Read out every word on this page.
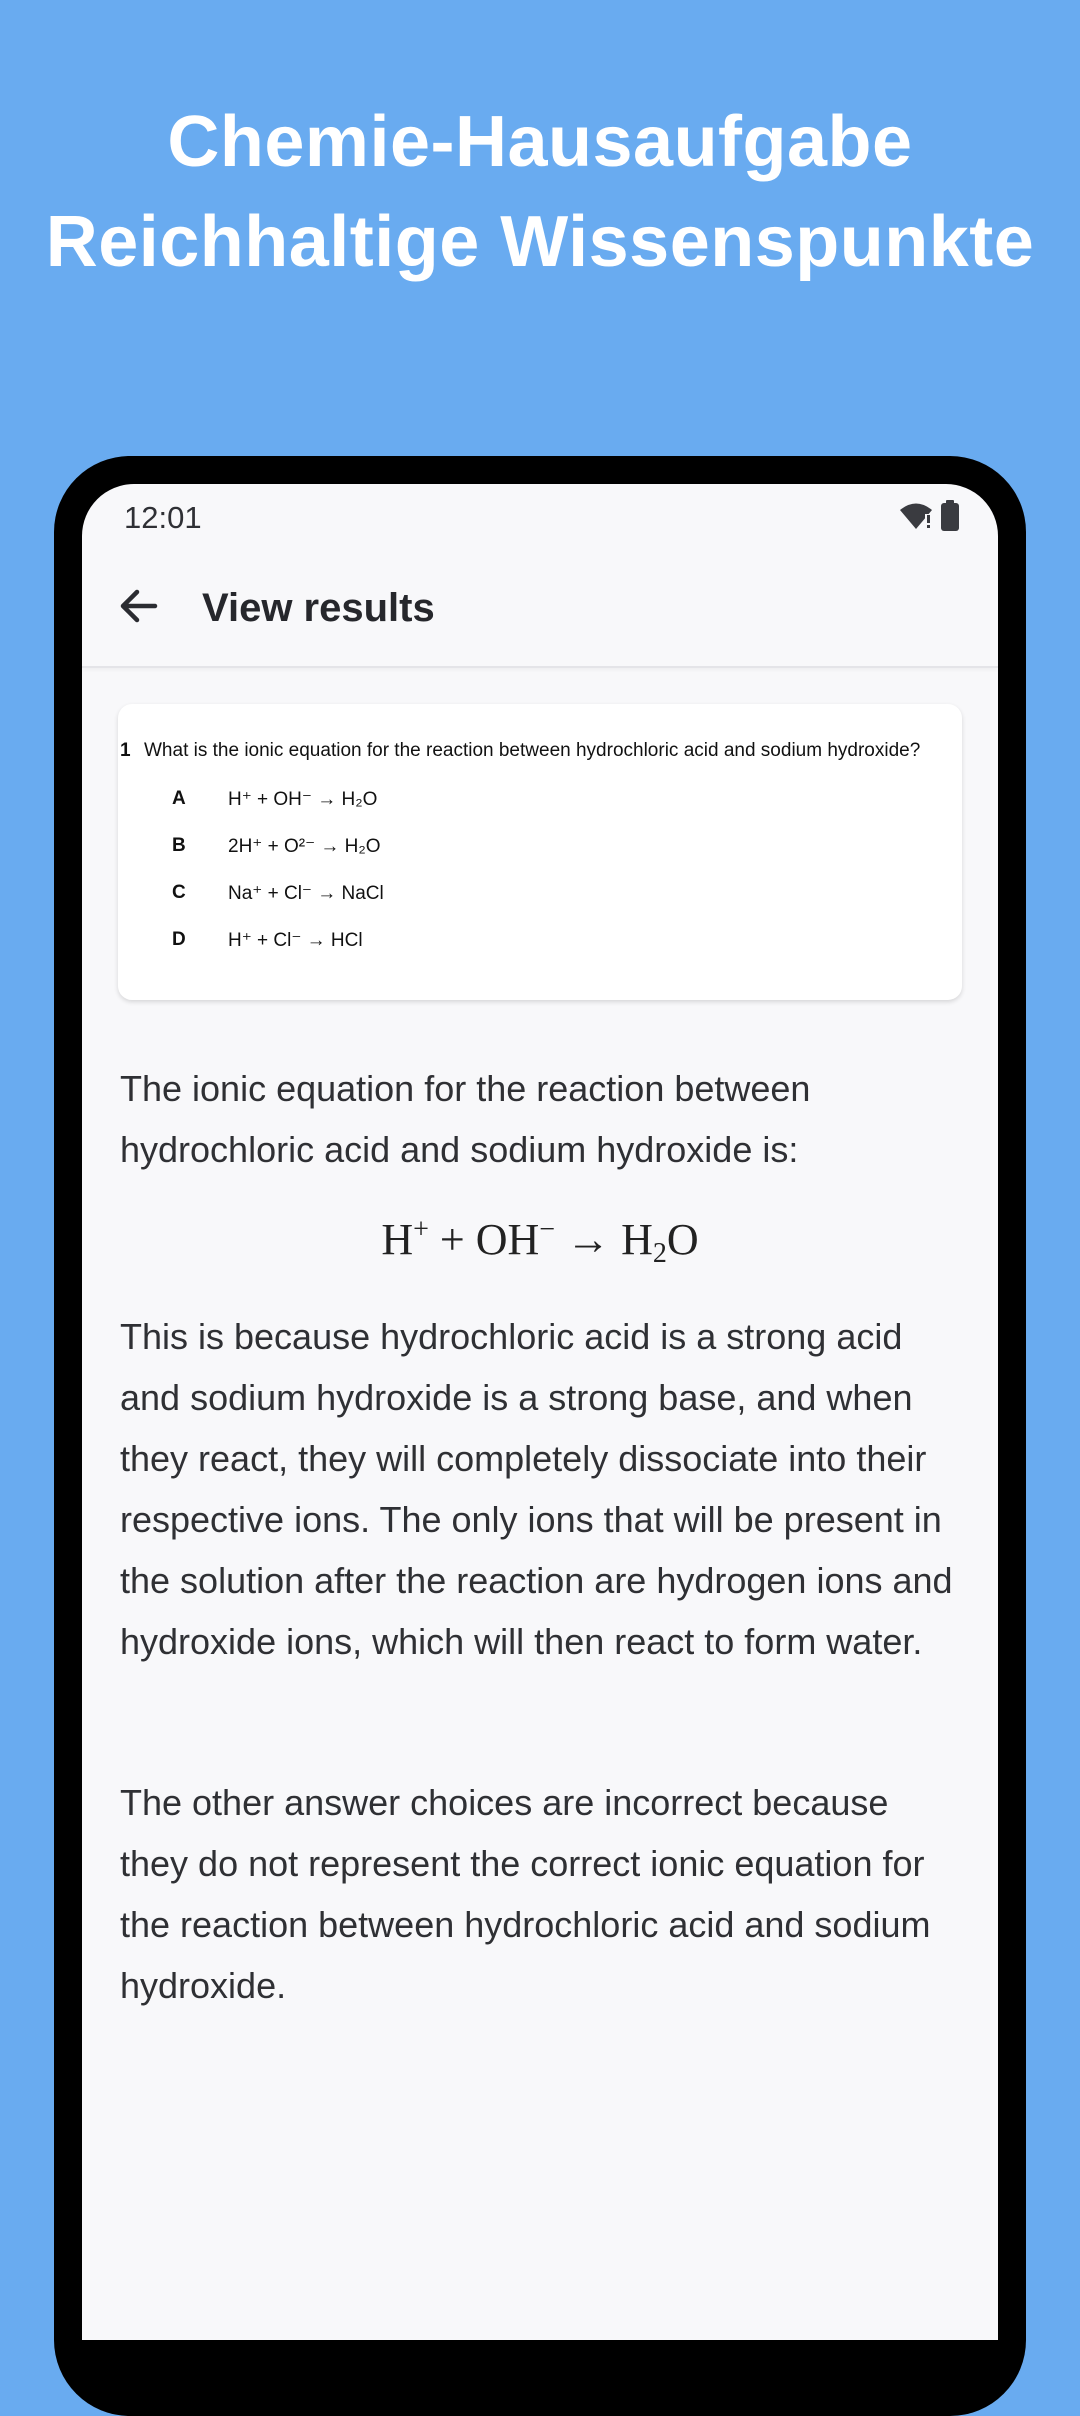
Chemie-Hausaufgabe
Reichhaltige Wissenspunkte
12:01
View results
1 What is the ionic equation for the reaction between hydrochloric acid and sodium hydroxide?
A H⁺ + OH⁻ → H₂O
B 2H⁺ + O²⁻ → H₂O
C Na⁺ + Cl⁻ → NaCl
D H⁺ + Cl⁻ → HCl

The ionic equation for the reaction between hydrochloric acid and sodium hydroxide is:

$H^+ + OH^- \to H_2O$

This is because hydrochloric acid is a strong acid and sodium hydroxide is a strong base, and when they react, they will completely dissociate into their respective ions. The only ions that will be present in the solution after the reaction are hydrogen ions and hydroxide ions, which will then react to form water.

The other answer choices are incorrect because they do not represent the correct ionic equation for the reaction between hydrochloric acid and sodium hydroxide.
